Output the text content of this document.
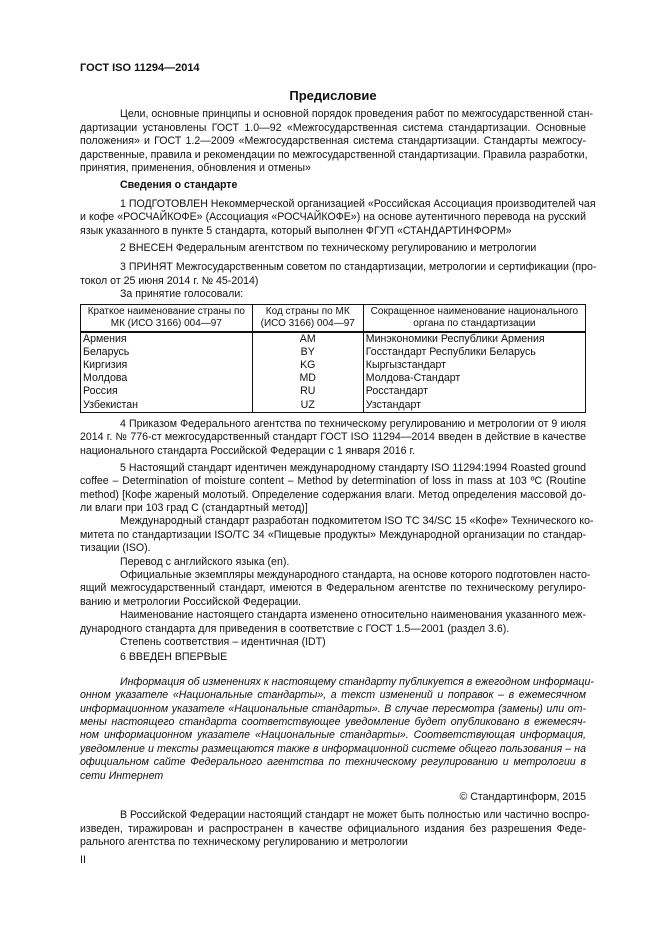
ГОСТ ISO 11294—2014
Предисловие
Цели, основные принципы и основной порядок проведения работ по межгосударственной стан-
дартизации установлены ГОСТ 1.0—92 «Межгосударственная система стандартизации. Основные
положения» и ГОСТ 1.2—2009 «Межгосударственная система стандартизации. Стандарты межгосу-
дарственные, правила и рекомендации по межгосударственной стандартизации. Правила разработки,
принятия, применения, обновления и отмены»
Сведения о стандарте
1 ПОДГОТОВЛЕН Некоммерческой организацией «Российская Ассоциация производителей чая
и кофе «РОСЧАЙКОФЕ» (Ассоциация «РОСЧАЙКОФЕ») на основе аутентичного перевода на русский
язык указанного в пункте 5 стандарта, который выполнен ФГУП «СТАНДАРТИНФОРМ»
2 ВНЕСЕН Федеральным агентством по техническому регулированию и метрологии
3 ПРИНЯТ Межгосударственным советом по стандартизации, метрологии и сертификации (про-
токол от 25 июня 2014 г. № 45-2014)
За принятие голосовали:
Краткое наименование страны по МК (ИСО 3166) 004—97	Код страны по МК (ИСО 3166) 004—97	Сокращенное наименование национального органа по стандартизации
Армения	AM	Минэкономики Республики Армения
Беларусь	BY	Госстандарт Республики Беларусь
Киргизия	KG	Кыргызстандарт
Молдова	MD	Молдова-Стандарт
Россия	RU	Росстандарт
Узбекистан	UZ	Узстандарт
4 Приказом Федерального агентства по техническому регулированию и метрологии от 9 июля
2014 г. № 776-ст межгосударственный стандарт ГОСТ ISO 11294—2014 введен в действие в качестве
национального стандарта Российской Федерации с 1 января 2016 г.
5 Настоящий стандарт идентичен международному стандарту ISO 11294:1994 Roasted ground
coffee – Determination of moisture content – Method by determination of loss in mass at 103 ºC (Routine
method) [Кофе жареный молотый. Определение содержания влаги. Метод определения массовой до-
ли влаги при 103 град С (стандартный метод)]
Международный стандарт разработан подкомитетом ISO TC 34/SC 15 «Кофе» Технического ко-
митета по стандартизации ISO/TC 34 «Пищевые продукты» Международной организации по стандар-
тизации (ISO).
Перевод с английского языка (en).
Официальные экземпляры международного стандарта, на основе которого подготовлен насто-
ящий межгосударственный стандарт, имеются в Федеральном агентстве по техническому регулиро-
ванию и метрологии Российской Федерации.
Наименование настоящего стандарта изменено относительно наименования указанного меж-
дународного стандарта для приведения в соответствие с ГОСТ 1.5—2001 (раздел 3.6).
Степень соответствия – идентичная (IDT)
6 ВВЕДЕН ВПЕРВЫЕ
Информация об изменениях к настоящему стандарту публикуется в ежегодном информаци-
онном указателе «Национальные стандарты», а текст изменений и поправок – в ежемесячном
информационном указателе «Национальные стандарты». В случае пересмотра (замены) или от-
мены настоящего стандарта соответствующее уведомление будет опубликовано в ежемесяч-
ном информационном указателе «Национальные стандарты». Соответствующая информация,
уведомление и тексты размещаются также в информационной системе общего пользования – на
официальном сайте Федерального агентства по техническому регулированию и метрологии в
сети Интернет
© Стандартинформ, 2015
В Российской Федерации настоящий стандарт не может быть полностью или частично воспро-
изведен, тиражирован и распространен в качестве официального издания без разрешения Феде-
рального агентства по техническому регулированию и метрологии
II
